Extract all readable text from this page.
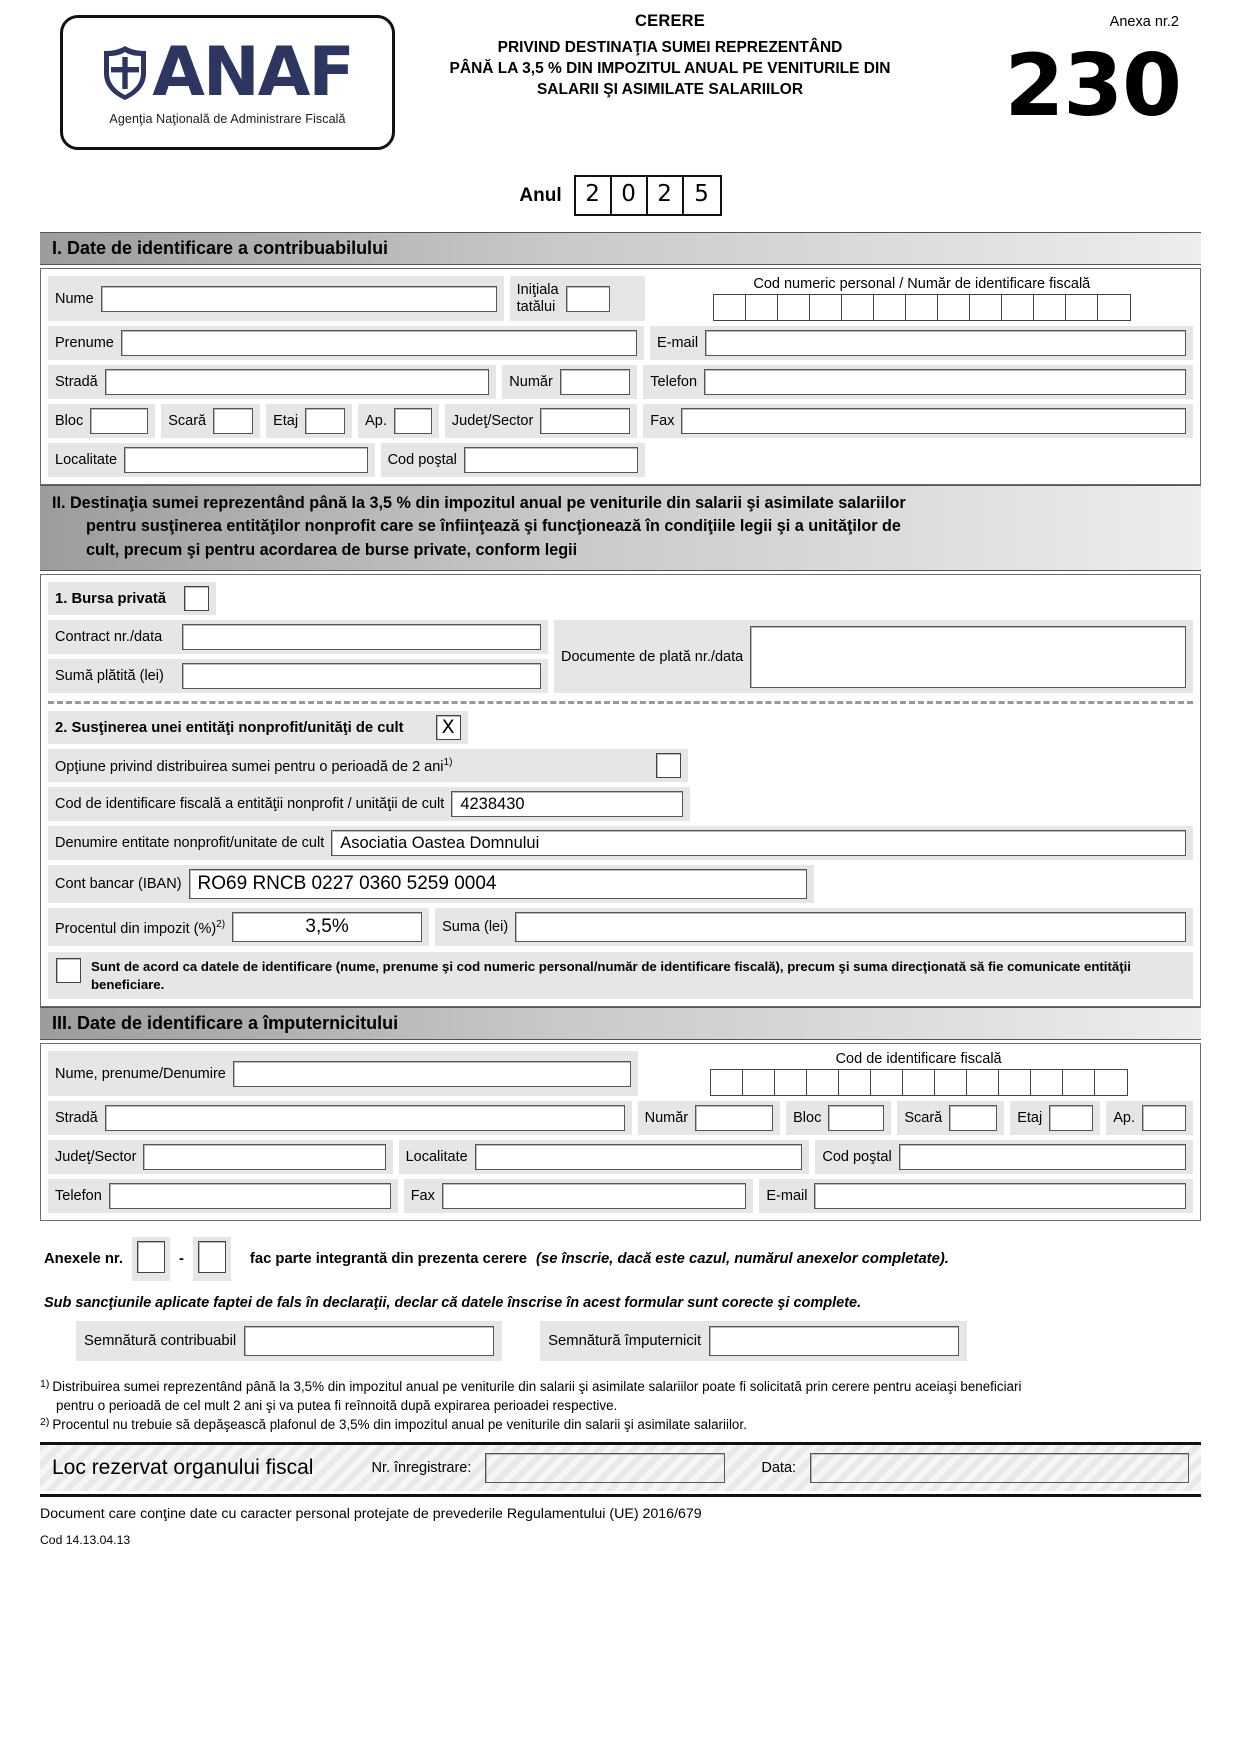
ANAF
Agenţia Naţională de Administrare Fiscală
CERERE
PRIVIND DESTINAŢIA SUMEI REPREZENTÂND
PÂNĂ LA 3,5 % DIN IMPOZITUL ANUAL PE VENITURILE DIN
SALARII ŞI ASIMILATE SALARIILOR
Anexa nr.2
230
Anul	2 0 2 5
I. Date de identificare a contribuabilului
Nume
Iniţiala
tatălui
Cod numeric personal / Număr de identificare fiscală
Prenume	E-mail
Stradă	Număr	Telefon
Bloc	Scară	Etaj	Ap.	Judeţ/Sector	Fax
Localitate	Cod poştal
II. Destinaţia sumei reprezentând până la 3,5 % din impozitul anual pe veniturile din salarii şi asimilate salariilor
pentru susţinerea entităţilor nonprofit care se înfiinţează şi funcţionează în condiţiile legii şi a unităţilor de
cult, precum şi pentru acordarea de burse private, conform legii
1. Bursa privată
Contract nr./data
Sumă plătită (lei)
Documente de plată nr./data
2. Susţinerea unei entităţi nonprofit/unităţi de cult	X
Opţiune privind distribuirea sumei pentru o perioadă de 2 ani$^{1)}$
Cod de identificare fiscală a entităţii nonprofit / unităţii de cult 4238430
Denumire entitate nonprofit/unitate de cult Asociatia Oastea Domnului
Cont bancar (IBAN) RO69 RNCB 0227 0360 5259 0004
Procentul din impozit (%)$^{2)}$	3,5%	Suma (lei)

Sunt de acord ca datele de identificare (nume, prenume şi cod numeric personal/număr de identificare fiscală), precum şi suma direcţionată să fie comunicate entităţii beneficiare.

III. Date de identificare a împuternicitului
Nume, prenume/Denumire
Cod de identificare fiscală
Stradă	Număr	Bloc	Scară	Etaj	Ap.
Judeţ/Sector	Localitate	Cod poştal
Telefon	Fax	E-mail
Anexele nr.	-	fac parte integrantă din prezenta cerere (se înscrie, dacă este cazul, numărul anexelor completate).
Sub sancţiunile aplicate faptei de fals în declaraţii, declar că datele înscrise în acest formular sunt corecte şi complete.
Semnătură contribuabil	Semnătură împuternicit
1) Distribuirea sumei reprezentând până la 3,5% din impozitul anual pe veniturile din salarii şi asimilate salariilor poate fi solicitată prin cerere pentru aceiaşi beneficiari
pentru o perioadă de cel mult 2 ani şi va putea fi reînnoită după expirarea perioadei respective.
2) Procentul nu trebuie să depăşească plafonul de 3,5% din impozitul anual pe veniturile din salarii şi asimilate salariilor.
Loc rezervat organului fiscal	Nr. înregistrare:	Data:
Document care conţine date cu caracter personal protejate de prevederile Regulamentului (UE) 2016/679
Cod 14.13.04.13
